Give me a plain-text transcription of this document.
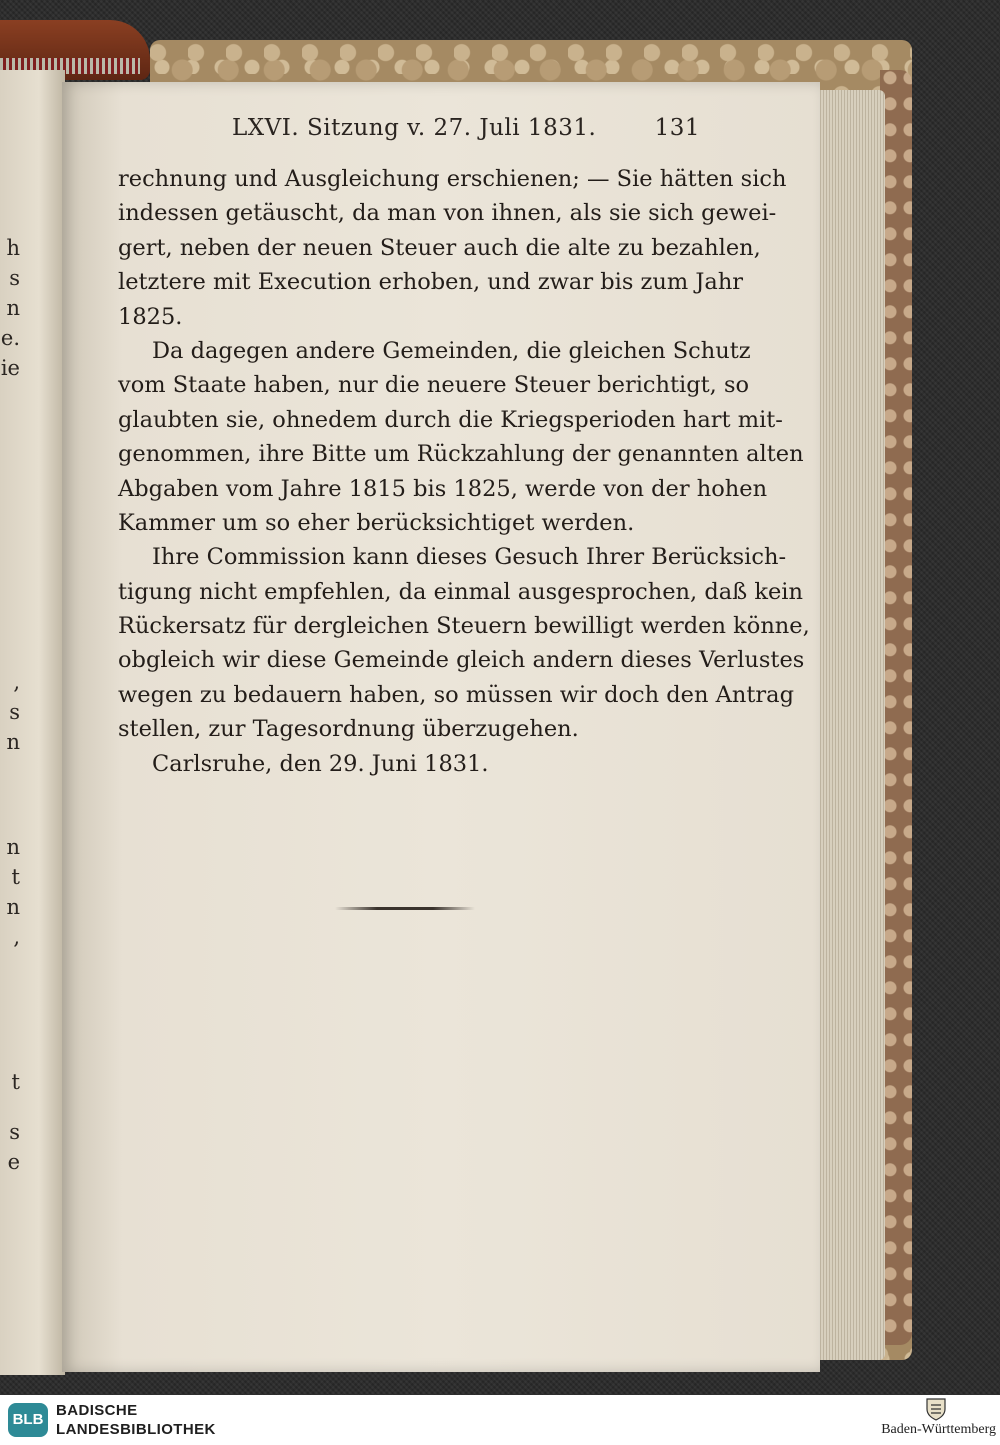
h
s
n
e.
ie
,
s
n
n
t
n
,
t
s
e
LXVI. Sitzung v. 27. Juli 1831.	131
rechnung und Ausgleichung erschienen; — Sie hätten sich
indessen getäuscht, da man von ihnen, als sie sich gewei-
gert, neben der neuen Steuer auch die alte zu bezahlen,
letztere mit Execution erhoben, und zwar bis zum Jahr
1825.
Da dagegen andere Gemeinden, die gleichen Schutz
vom Staate haben, nur die neuere Steuer berichtigt, so
glaubten sie, ohnedem durch die Kriegsperioden hart mit-
genommen, ihre Bitte um Rückzahlung der genannten alten
Abgaben vom Jahre 1815 bis 1825, werde von der hohen
Kammer um so eher berücksichtiget werden.
Ihre Commission kann dieses Gesuch Ihrer Berücksich-
tigung nicht empfehlen, da einmal ausgesprochen, daß kein
Rückersatz für dergleichen Steuern bewilligt werden könne,
obgleich wir diese Gemeinde gleich andern dieses Verlustes
wegen zu bedauern haben, so müssen wir doch den Antrag
stellen, zur Tagesordnung überzugehen.
Carlsruhe, den 29. Juni 1831.
BLB
BADISCHE
LANDESBIBLIOTHEK	Baden-Württemberg
